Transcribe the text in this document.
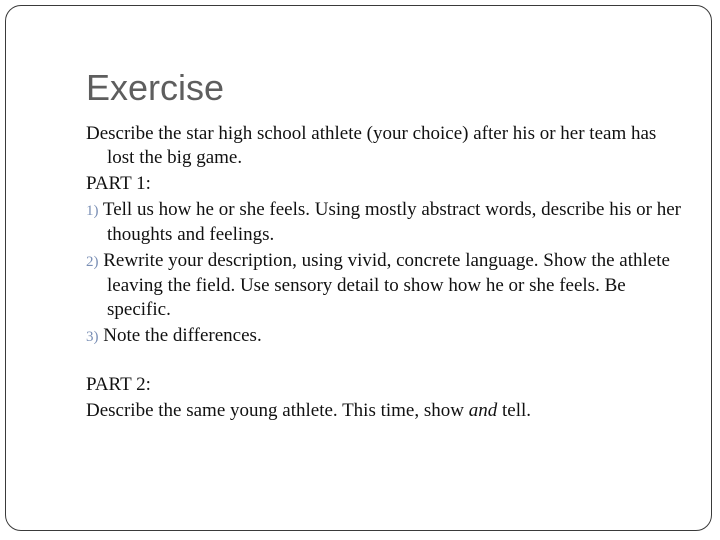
Exercise

Describe the star high school athlete (your choice) after his or her team has lost the big game.

PART 1:

1) Tell us how he or she feels. Using mostly abstract words, describe his or her thoughts and feelings.

2) Rewrite your description, using vivid, concrete language. Show the athlete leaving the field. Use sensory detail to show how he or she feels. Be specific.

3) Note the differences.

PART 2:

Describe the same young athlete. This time, show and tell.
